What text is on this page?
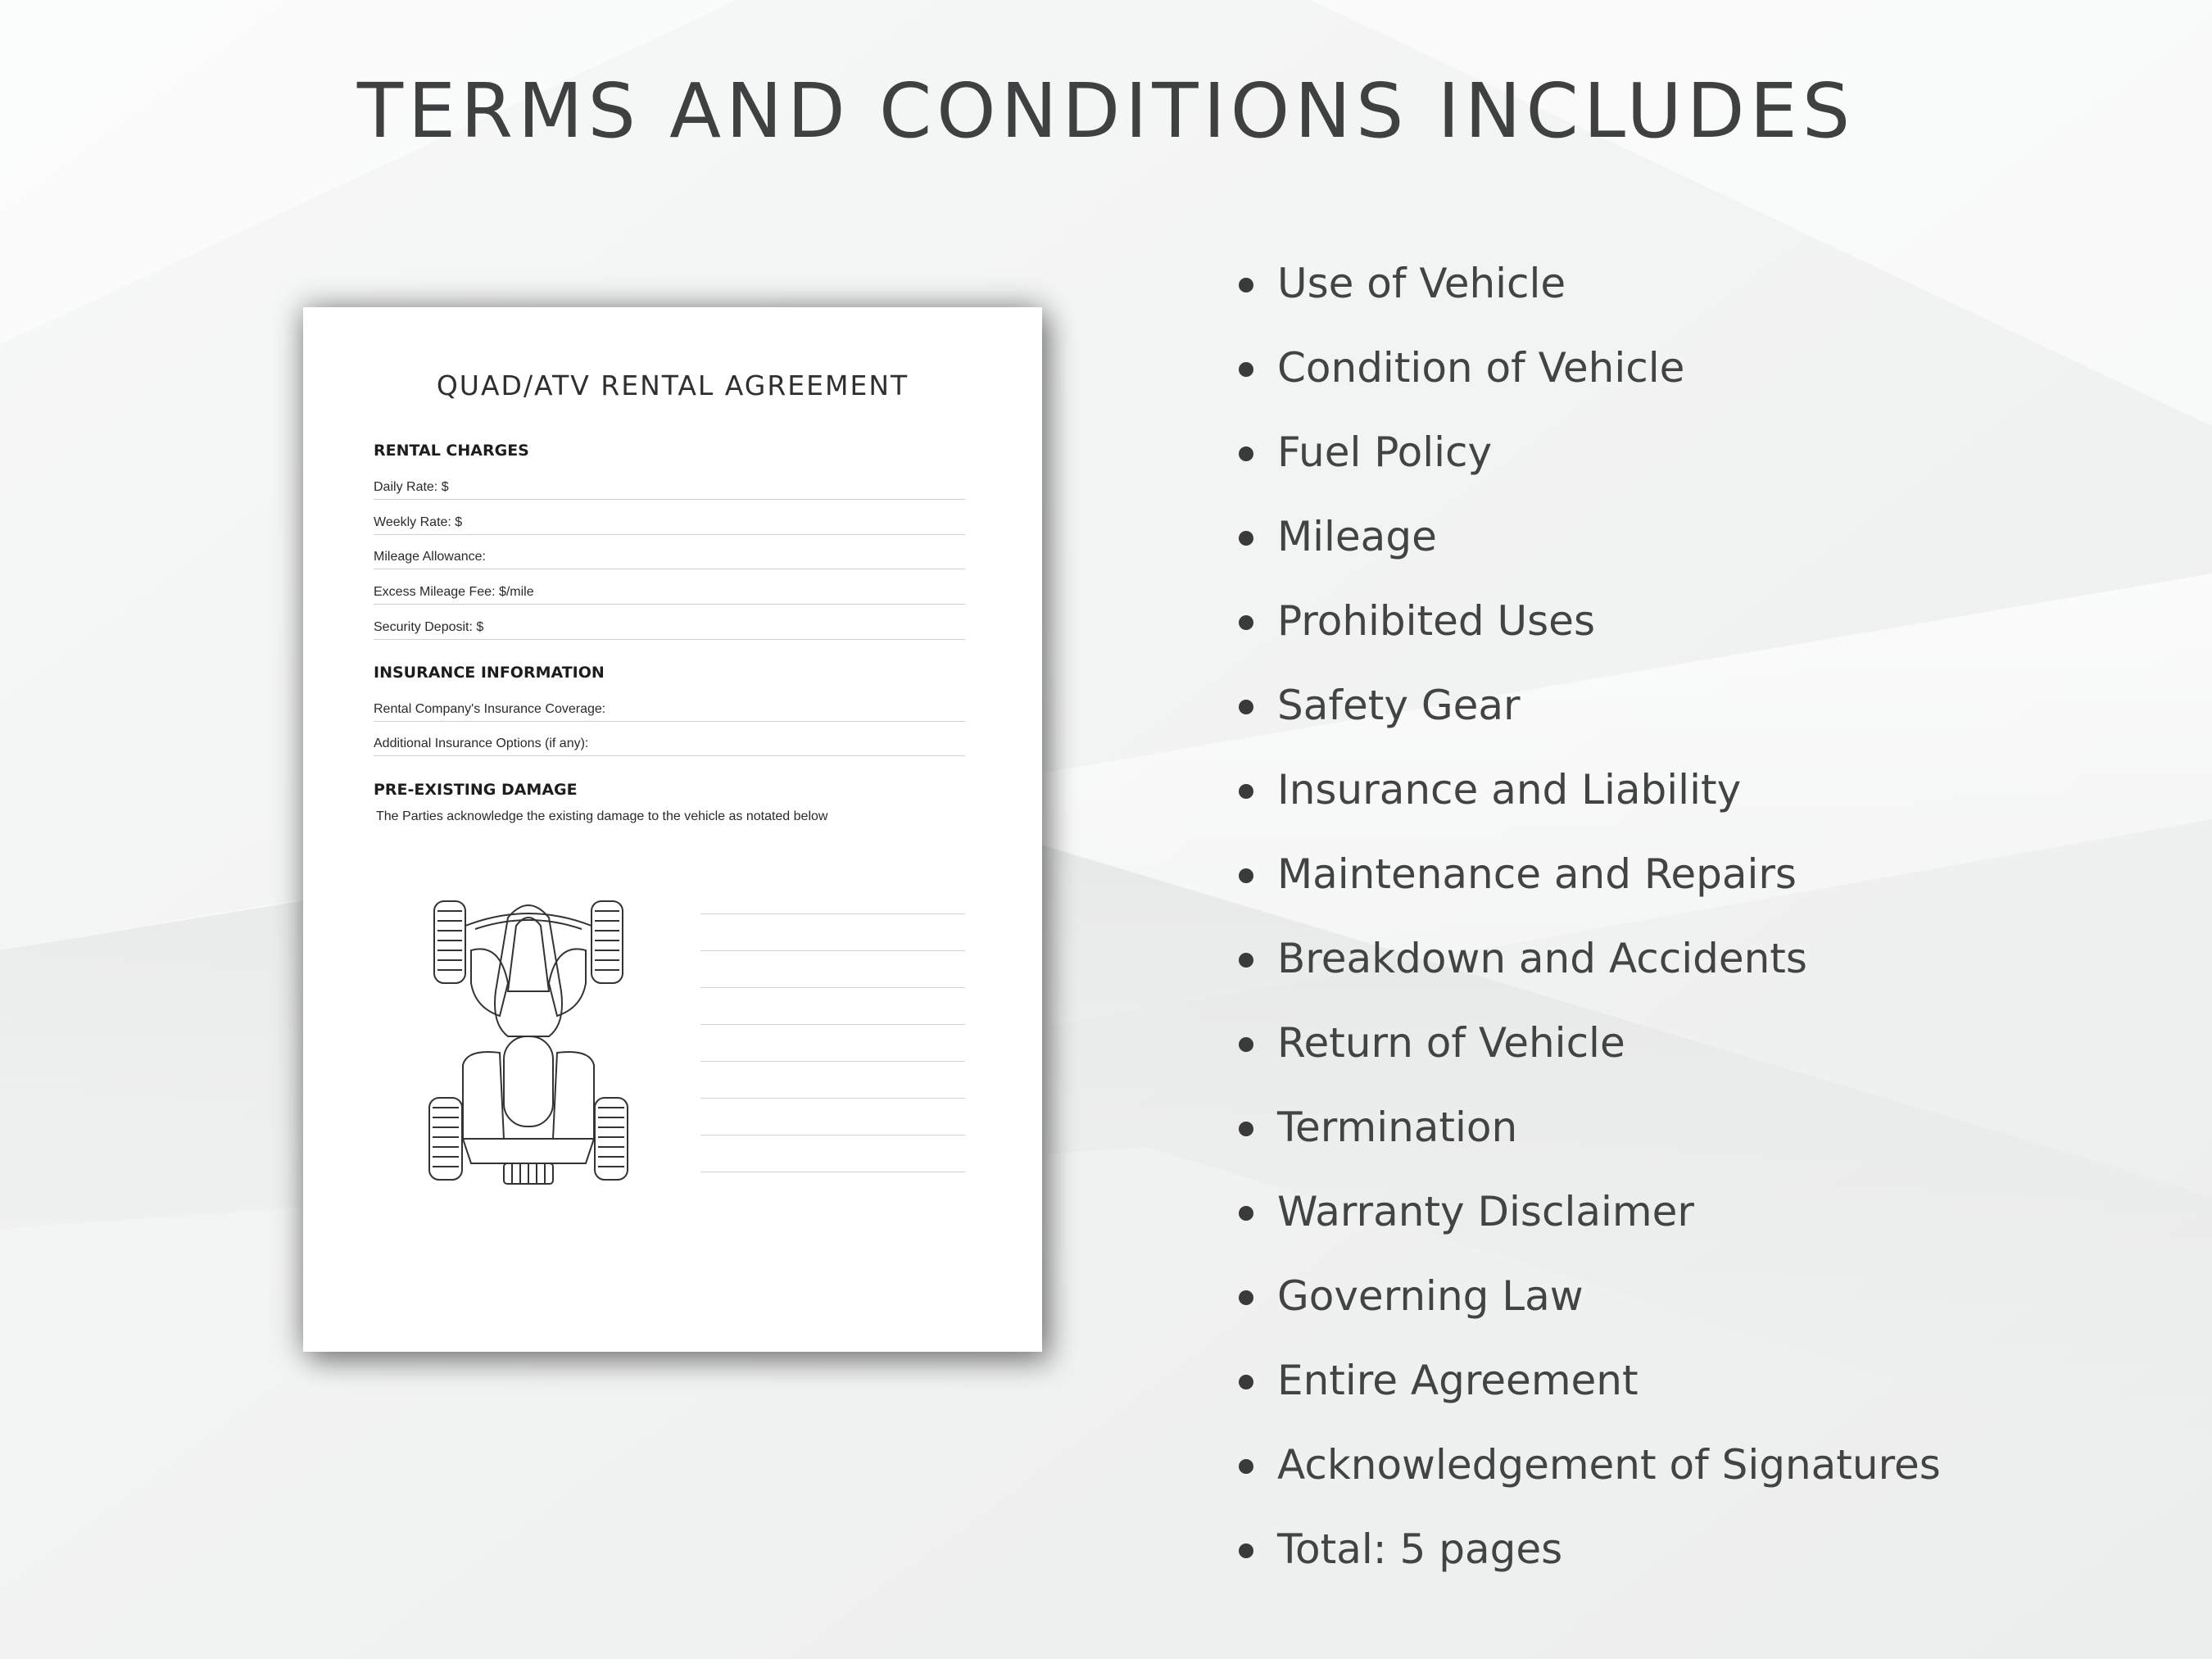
TERMS AND CONDITIONS INCLUDES
QUAD/ATV RENTAL AGREEMENT
RENTAL CHARGES
Daily Rate: $
Weekly Rate: $
Mileage Allowance:
Excess Mileage Fee: $/mile
Security Deposit: $
INSURANCE INFORMATION
Rental Company's Insurance Coverage:
Additional Insurance Options (if any):
PRE-EXISTING DAMAGE
The Parties acknowledge the existing damage to the vehicle as notated below
Use of Vehicle
Condition of Vehicle
Fuel Policy
Mileage
Prohibited Uses
Safety Gear
Insurance and Liability
Maintenance and Repairs
Breakdown and Accidents
Return of Vehicle
Termination
Warranty Disclaimer
Governing Law
Entire Agreement
Acknowledgement of Signatures
Total: 5 pages
